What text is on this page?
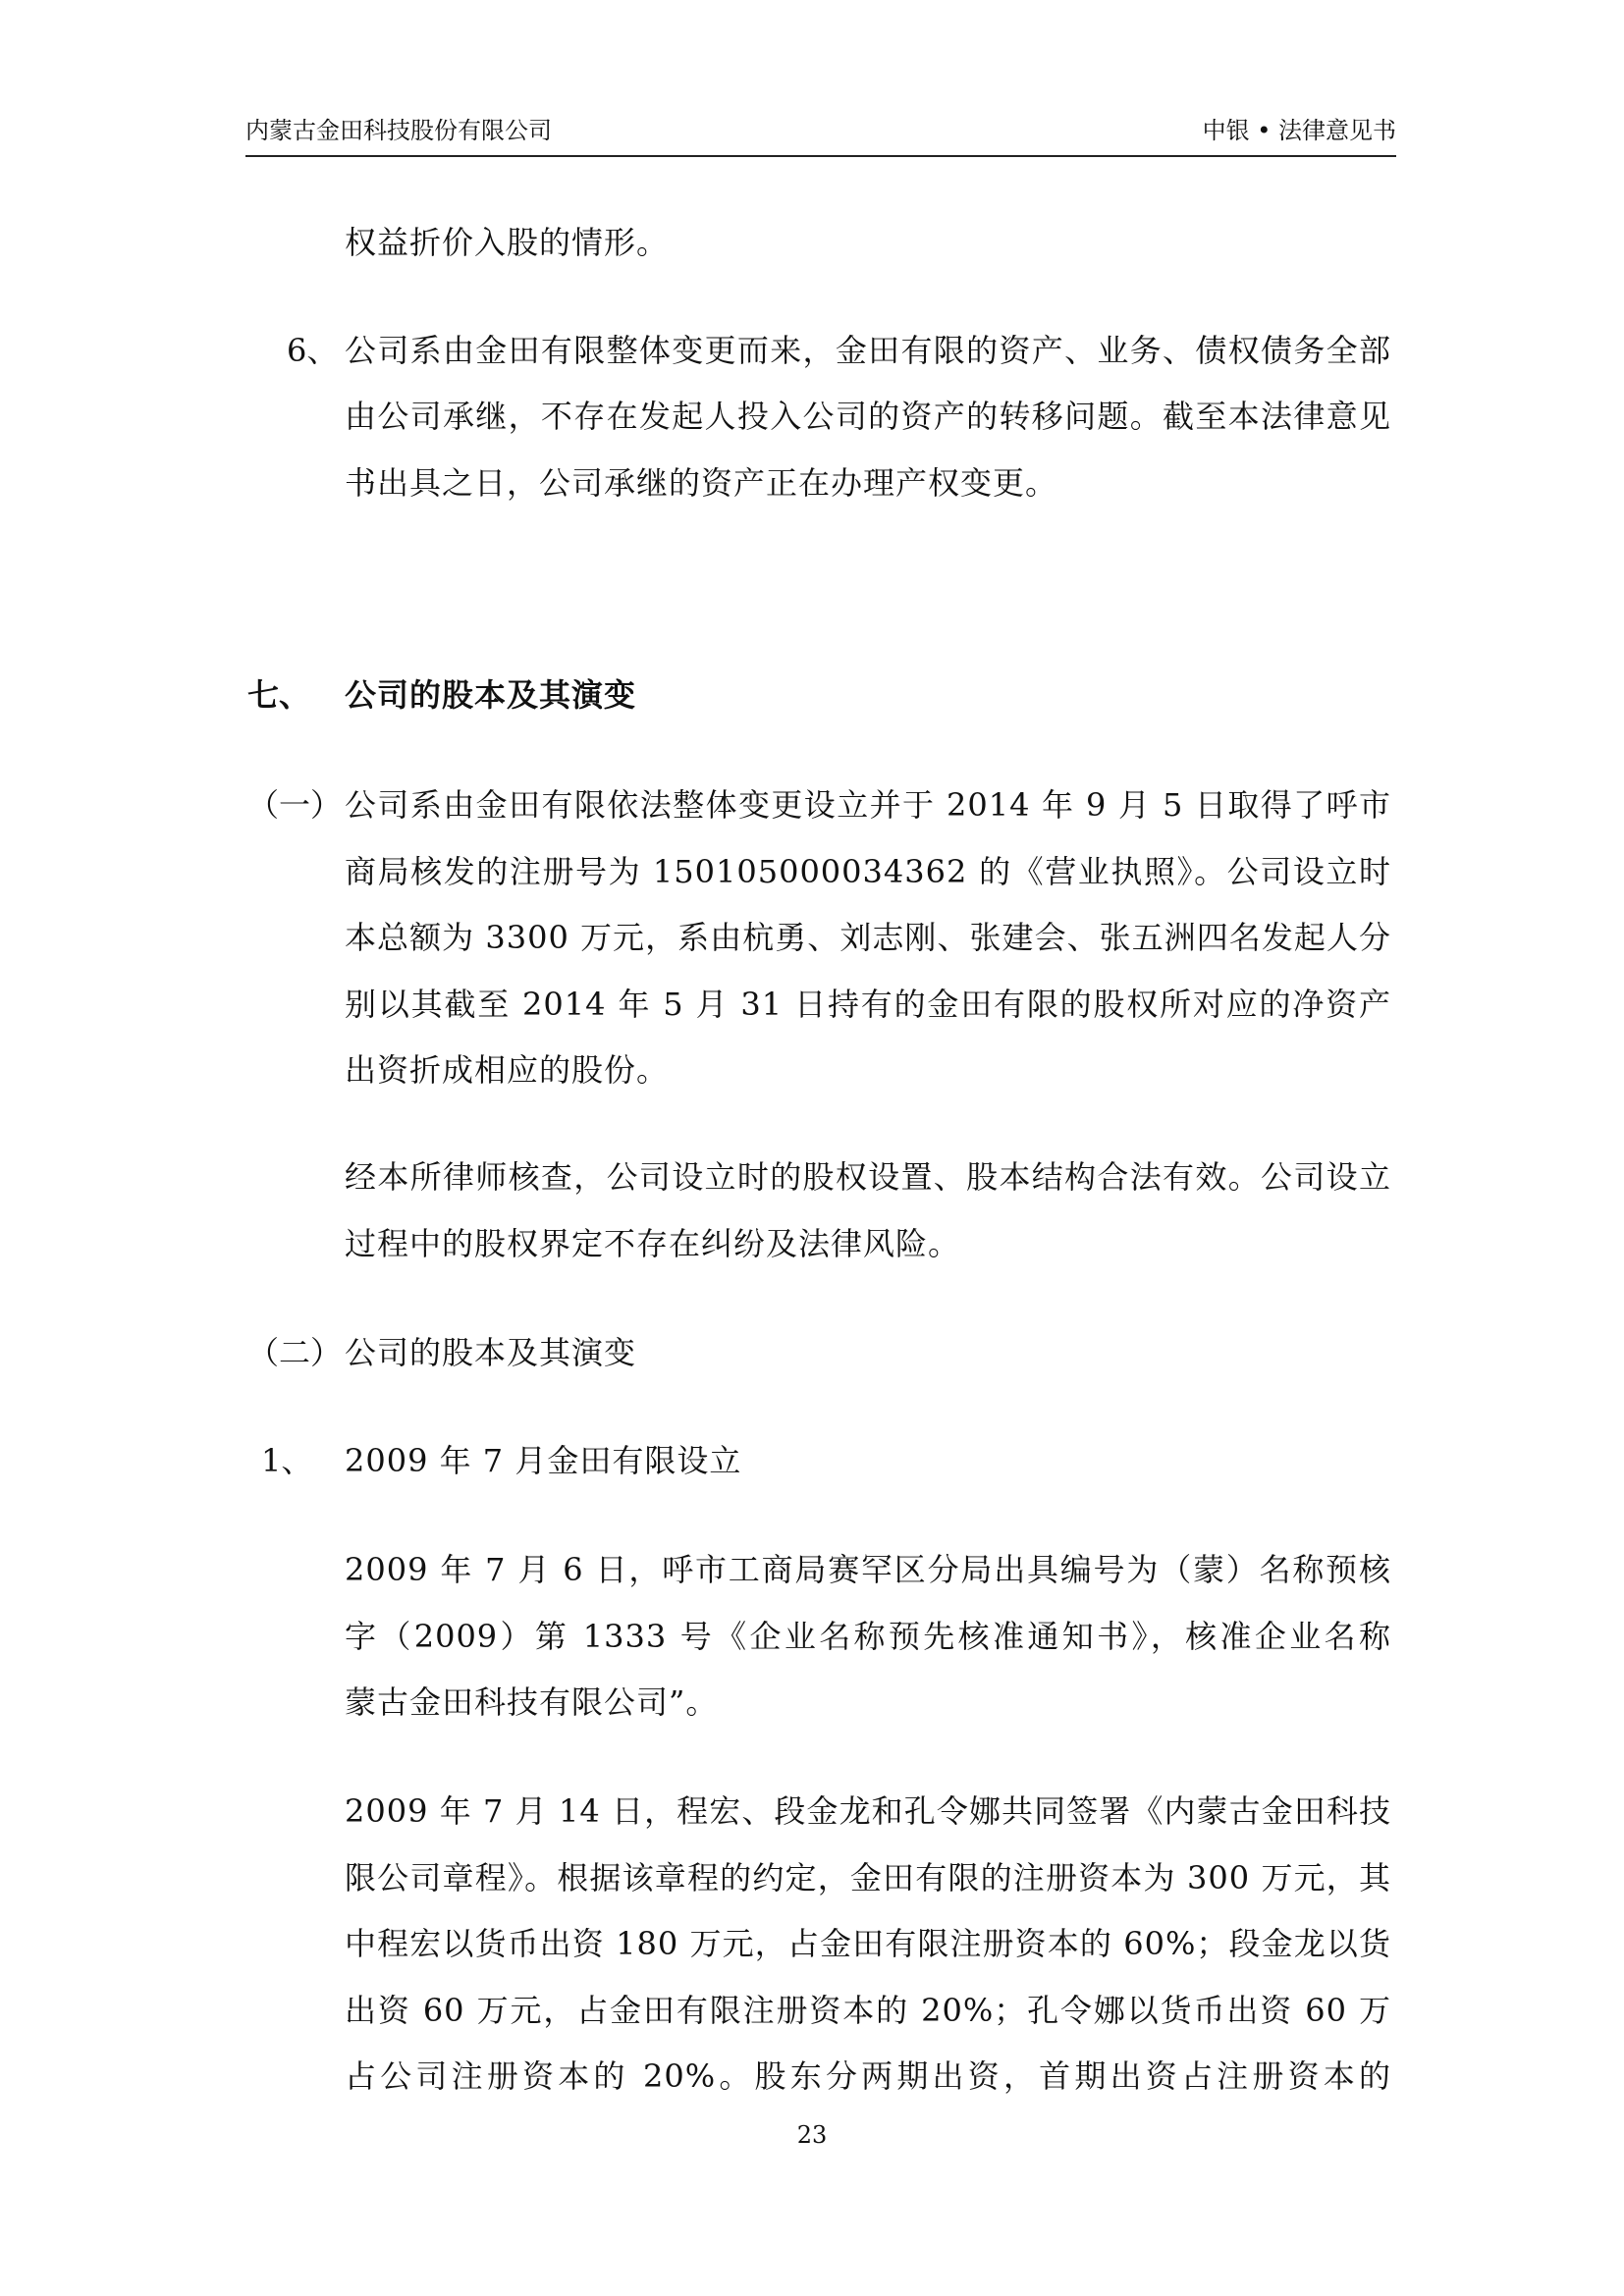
内蒙古金田科技股份有限公司	中银 • 法律意见书
权益折价入股的情形。
6、 公司系由金田有限整体变更而来，金田有限的资产、业务、债权债务全部
由公司承继，不存在发起人投入公司的资产的转移问题。截至本法律意见
书出具之日，公司承继的资产正在办理产权变更。
七、 公司的股本及其演变
（一） 公司系由金田有限依法整体变更设立并于 2014 年 9 月 5 日取得了呼市
商局核发的注册号为 150105000034362 的《营业执照》。公司设立时
本总额为 3300 万元，系由杭勇、刘志刚、张建会、张五洲四名发起人分
别以其截至 2014 年 5 月 31 日持有的金田有限的股权所对应的净资产
出资折成相应的股份。
经本所律师核查，公司设立时的股权设置、股本结构合法有效。公司设立
过程中的股权界定不存在纠纷及法律风险。
（二） 公司的股本及其演变
1、 2009 年 7 月金田有限设立
2009 年 7 月 6 日，呼市工商局赛罕区分局出具编号为（蒙）名称预核
字（2009）第 1333 号《企业名称预先核准通知书》，核准企业名称
蒙古金田科技有限公司”。
2009 年 7 月 14 日，程宏、段金龙和孔令娜共同签署《内蒙古金田科技
限公司章程》。根据该章程的约定，金田有限的注册资本为 300 万元，其
中程宏以货币出资 180 万元，占金田有限注册资本的 60%；段金龙以货
出资 60 万元，占金田有限注册资本的 20%；孔令娜以货币出资 60 万
占公司注册资本的 20%。股东分两期出资，首期出资占注册资本的
23
